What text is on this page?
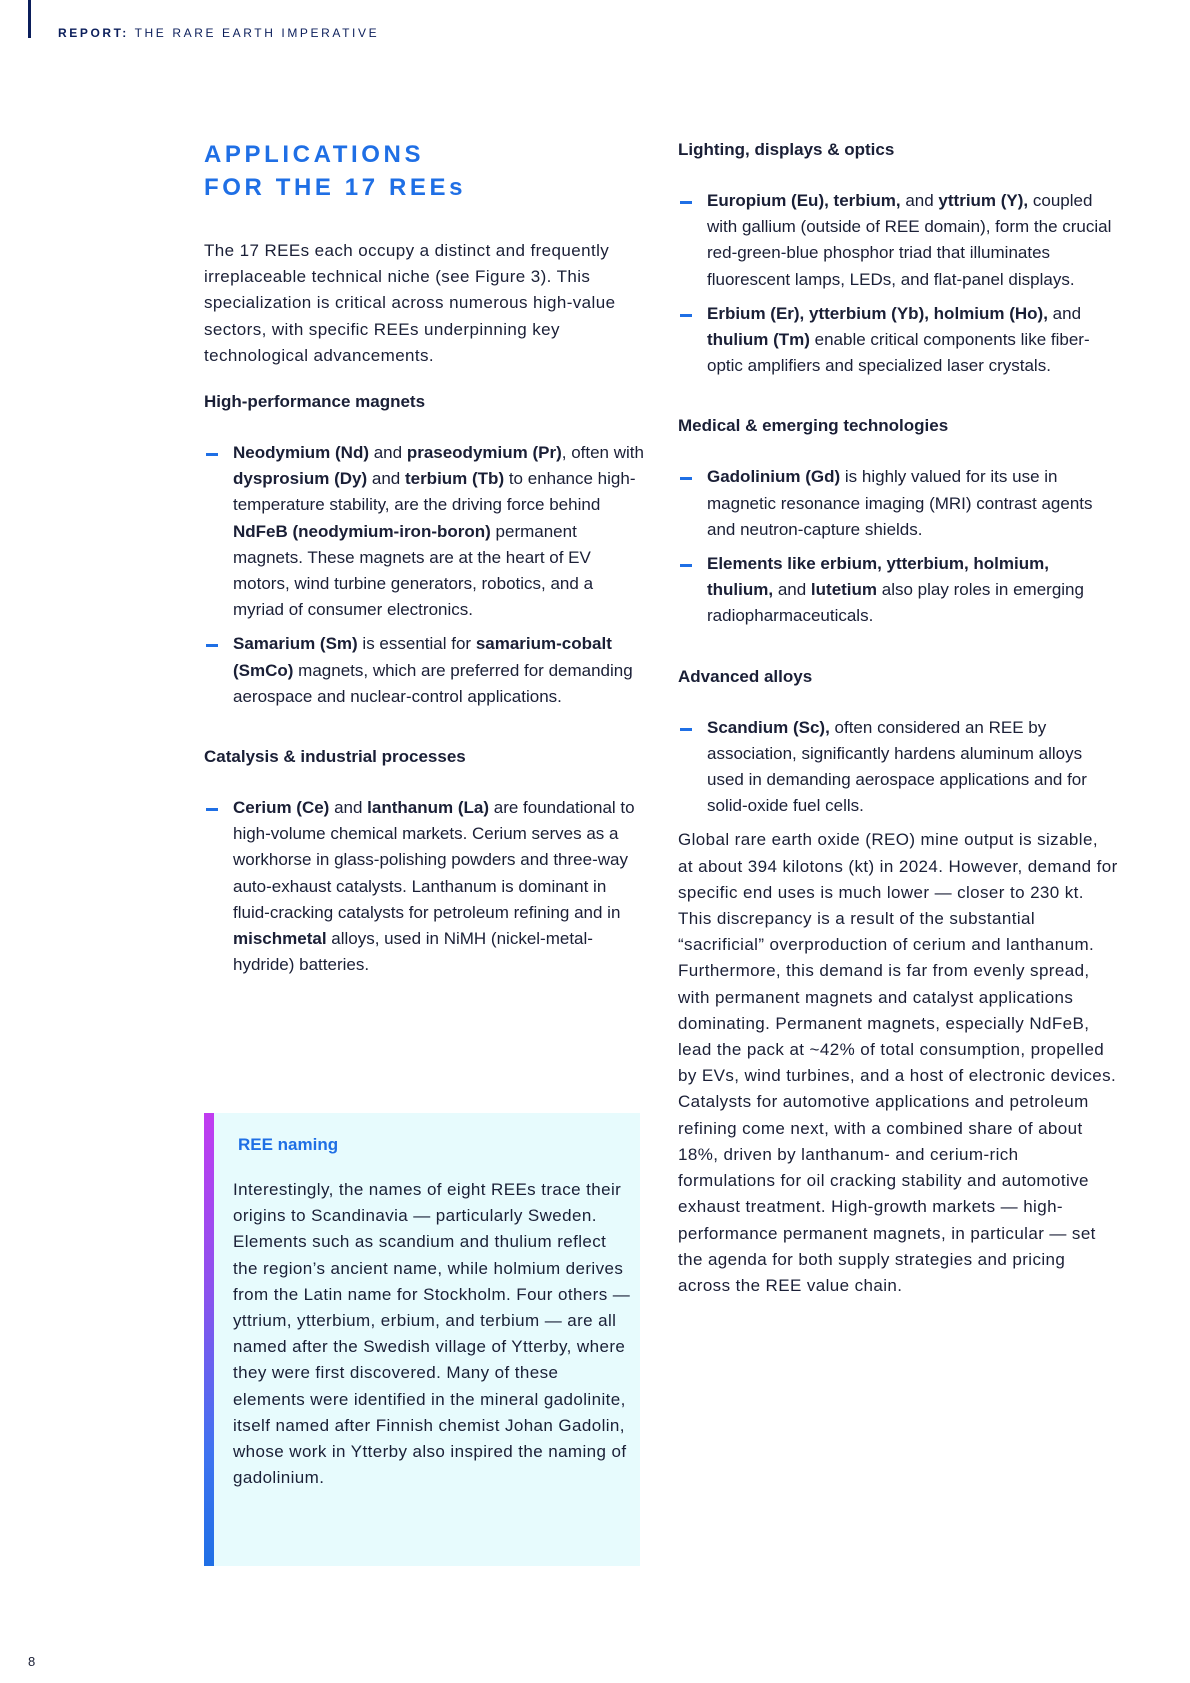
REPORT: THE RARE EARTH IMPERATIVE
APPLICATIONS
FOR THE 17 REEs

The 17 REEs each occupy a distinct and frequently irreplaceable technical niche (see Figure 3). This specialization is critical across numerous high-value sectors, with specific REEs underpinning key technological advancements.

High-performance magnets
Neodymium (Nd) and praseodymium (Pr), often with dysprosium (Dy) and terbium (Tb) to enhance high-temperature stability, are the driving force behind NdFeB (neodymium-iron-boron) permanent magnets. These magnets are at the heart of EV motors, wind turbine generators, robotics, and a myriad of consumer electronics.
Samarium (Sm) is essential for samarium-cobalt (SmCo) magnets, which are preferred for demanding aerospace and nuclear-control applications.
Catalysis & industrial processes
Cerium (Ce) and lanthanum (La) are foundational to high-volume chemical markets. Cerium serves as a workhorse in glass-polishing powders and three-way auto-exhaust catalysts. Lanthanum is dominant in fluid-cracking catalysts for petroleum refining and in mischmetal alloys, used in NiMH (nickel-metal-hydride) batteries.
REE naming

Interestingly, the names of eight REEs trace their origins to Scandinavia — particularly Sweden. Elements such as scandium and thulium reflect the region’s ancient name, while holmium derives from the Latin name for Stockholm. Four others — yttrium, ytterbium, erbium, and terbium — are all named after the Swedish village of Ytterby, where they were first discovered. Many of these elements were identified in the mineral gadolinite, itself named after Finnish chemist Johan Gadolin, whose work in Ytterby also inspired the naming of gadolinium.

Lighting, displays & optics
Europium (Eu), terbium, and yttrium (Y), coupled with gallium (outside of REE domain), form the crucial red-green-blue phosphor triad that illuminates fluorescent lamps, LEDs, and flat-panel displays.
Erbium (Er), ytterbium (Yb), holmium (Ho), and thulium (Tm) enable critical components like fiber-optic amplifiers and specialized laser crystals.
Medical & emerging technologies
Gadolinium (Gd) is highly valued for its use in magnetic resonance imaging (MRI) contrast agents and neutron-capture shields.
Elements like erbium, ytterbium, holmium, thulium, and lutetium also play roles in emerging radiopharmaceuticals.
Advanced alloys
Scandium (Sc), often considered an REE by association, significantly hardens aluminum alloys used in demanding aerospace applications and for solid-oxide fuel cells.

Global rare earth oxide (REO) mine output is sizable, at about 394 kilotons (kt) in 2024. However, demand for specific end uses is much lower — closer to 230 kt. This discrepancy is a result of the substantial “sacrificial” overproduction of cerium and lanthanum. Furthermore, this demand is far from evenly spread, with permanent magnets and catalyst applications dominating. Permanent magnets, especially NdFeB, lead the pack at ~42% of total consumption, propelled by EVs, wind turbines, and a host of electronic devices. Catalysts for automotive applications and petroleum refining come next, with a combined share of about 18%, driven by lanthanum- and cerium-rich formulations for oil cracking stability and automotive exhaust treatment. High-growth markets — high-performance permanent magnets, in particular — set the agenda for both supply strategies and pricing across the REE value chain.

8
